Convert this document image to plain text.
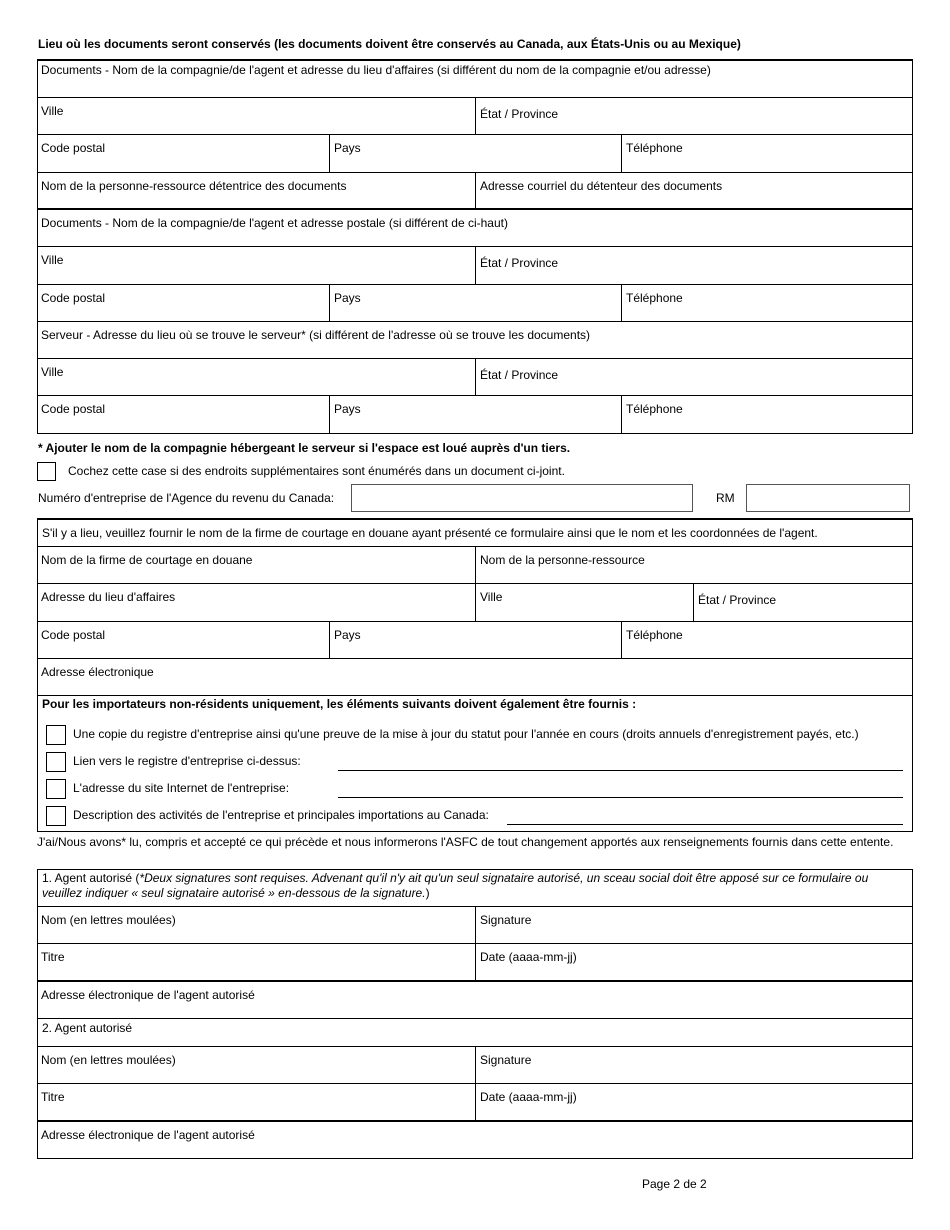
Lieu où les documents seront conservés (les documents doivent être conservés au Canada, aux États-Unis ou au Mexique)
Documents - Nom de la compagnie/de l'agent et adresse du lieu d'affaires (si différent du nom de la compagnie et/ou adresse)
Ville	État / Province
Code postal	Pays	Téléphone
Nom de la personne-ressource détentrice des documents	Adresse courriel du détenteur des documents
Documents - Nom de la compagnie/de l'agent et adresse postale (si différent de ci-haut)
Ville	État / Province
Code postal	Pays	Téléphone
Serveur - Adresse du lieu où se trouve le serveur* (si différent de l'adresse où se trouve les documents)
Ville	État / Province
Code postal	Pays	Téléphone
* Ajouter le nom de la compagnie hébergeant le serveur si l'espace est loué auprès d'un tiers.
Cochez cette case si des endroits supplémentaires sont énumérés dans un document ci-joint.
Numéro d'entreprise de l'Agence du revenu du Canada:	RM
S'il y a lieu, veuillez fournir le nom de la firme de courtage en douane ayant présenté ce formulaire ainsi que le nom et les coordonnées de l'agent.
Nom de la firme de courtage en douane	Nom de la personne-ressource
Adresse du lieu d'affaires	Ville	État / Province
Code postal	Pays	Téléphone
Adresse électronique
Pour les importateurs non-résidents uniquement, les éléments suivants doivent également être fournis :
Une copie du registre d'entreprise ainsi qu'une preuve de la mise à jour du statut pour l'année en cours (droits annuels d'enregistrement payés, etc.)
Lien vers le registre d'entreprise ci-dessus:
L'adresse du site Internet de l'entreprise:
Description des activités de l'entreprise et principales importations au Canada:
J'ai/Nous avons* lu, compris et accepté ce qui précède et nous informerons l'ASFC de tout changement apportés aux renseignements fournis dans cette entente.
1. Agent autorisé (*Deux signatures sont requises. Advenant qu'il n'y ait qu'un seul signataire autorisé, un sceau social doit être apposé sur ce formulaire ou veuillez indiquer « seul signataire autorisé » en-dessous de la signature.)
Nom (en lettres moulées)	Signature
Titre	Date (aaaa-mm-jj)
Adresse électronique de l'agent autorisé
2. Agent autorisé
Nom (en lettres moulées)	Signature
Titre	Date (aaaa-mm-jj)
Adresse électronique de l'agent autorisé
Page 2 de 2
